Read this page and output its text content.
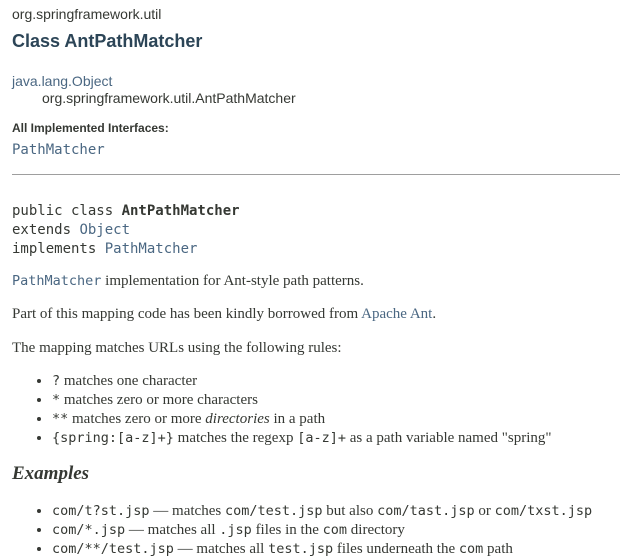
org.springframework.util
Class AntPathMatcher
java.lang.Object
org.springframework.util.AntPathMatcher
All Implemented Interfaces:
PathMatcher
public class AntPathMatcher
extends Object
implements PathMatcher
PathMatcher implementation for Ant-style path patterns.
Part of this mapping code has been kindly borrowed from Apache Ant.
The mapping matches URLs using the following rules:
• ? matches one character
• * matches zero or more characters
• ** matches zero or more directories in a path
• {spring:[a-z]+} matches the regexp [a-z]+ as a path variable named "spring"
Examples
• com/t?st.jsp — matches com/test.jsp but also com/tast.jsp or com/txst.jsp
• com/*.jsp — matches all .jsp files in the com directory
• com/**/test.jsp — matches all test.jsp files underneath the com path
